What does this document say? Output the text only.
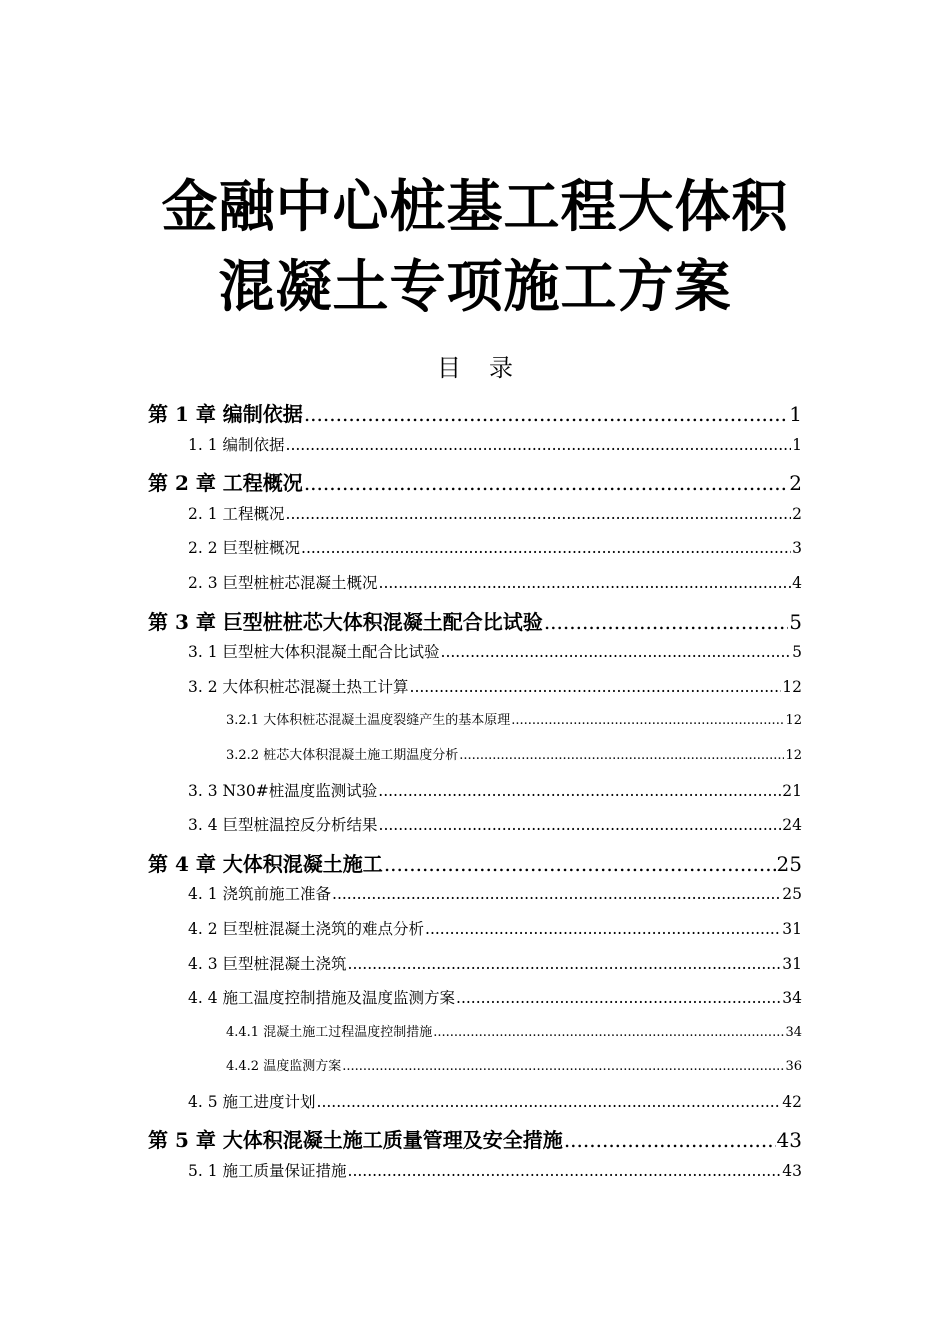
金融中心桩基工程大体积
混凝土专项施工方案
目录
第 1 章 编制依据 .....	1
1. 1 编制依据 .....	1
第 2 章 工程概况 .....	2
2. 1 工程概况 .....	2
2. 2 巨型桩概况 .....	3
2. 3 巨型桩桩芯混凝土概况 .....	4
第 3 章 巨型桩桩芯大体积混凝土配合比试验 .....	5
3. 1 巨型桩大体积混凝土配合比试验 .....	5
3. 2 大体积桩芯混凝土热工计算 .....	12
3.2.1 大体积桩芯混凝土温度裂缝产生的基本原理 .....	12
3.2.2 桩芯大体积混凝土施工期温度分析 .....	12
3. 3 N30#桩温度监测试验 .....	21
3. 4 巨型桩温控反分析结果 .....	24
第 4 章 大体积混凝土施工 .....	25
4. 1 浇筑前施工准备 .....	25
4. 2 巨型桩混凝土浇筑的难点分析 .....	31
4. 3 巨型桩混凝土浇筑 .....	31
4. 4 施工温度控制措施及温度监测方案 .....	34
4.4.1 混凝土施工过程温度控制措施 .....	34
4.4.2 温度监测方案 .....	36
4. 5 施工进度计划 .....	42
第 5 章 大体积混凝土施工质量管理及安全措施 .....	43
5. 1 施工质量保证措施 .....	43
